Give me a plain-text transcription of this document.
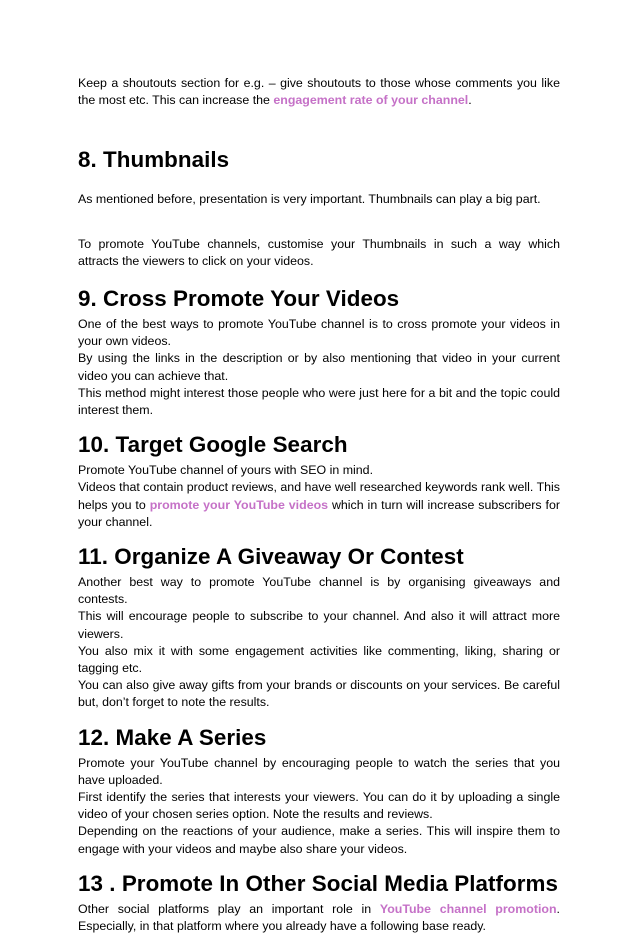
Keep a shoutouts section for e.g. – give shoutouts to those whose comments you like the most etc. This can increase the engagement rate of your channel.

8. Thumbnails

As mentioned before, presentation is very important. Thumbnails can play a big part.

To promote YouTube channels, customise your Thumbnails in such a way which attracts the viewers to click on your videos.

9. Cross Promote Your Videos

One of the best ways to promote YouTube channel is to cross promote your videos in your own videos.

By using the links in the description or by also mentioning that video in your current video you can achieve that.

This method might interest those people who were just here for a bit and the topic could interest them.

10. Target Google Search

Promote YouTube channel of yours with SEO in mind.

Videos that contain product reviews, and have well researched keywords rank well. This helps you to promote your YouTube videos which in turn will increase subscribers for your channel.

11. Organize A Giveaway Or Contest

Another best way to promote YouTube channel is by organising giveaways and contests.

This will encourage people to subscribe to your channel. And also it will attract more viewers.

You also mix it with some engagement activities like commenting, liking, sharing or tagging etc.

You can also give away gifts from your brands or discounts on your services. Be careful but, don’t forget to note the results.

12. Make A Series

Promote your YouTube channel by encouraging people to watch the series that you have uploaded.

First identify the series that interests your viewers. You can do it by uploading a single video of your chosen series option. Note the results and reviews.

Depending on the reactions of your audience, make a series. This will inspire them to engage with your videos and maybe also share your videos.

13 . Promote In Other Social Media Platforms

Other social platforms play an important role in YouTube channel promotion. Especially, in that platform where you already have a following base ready.
